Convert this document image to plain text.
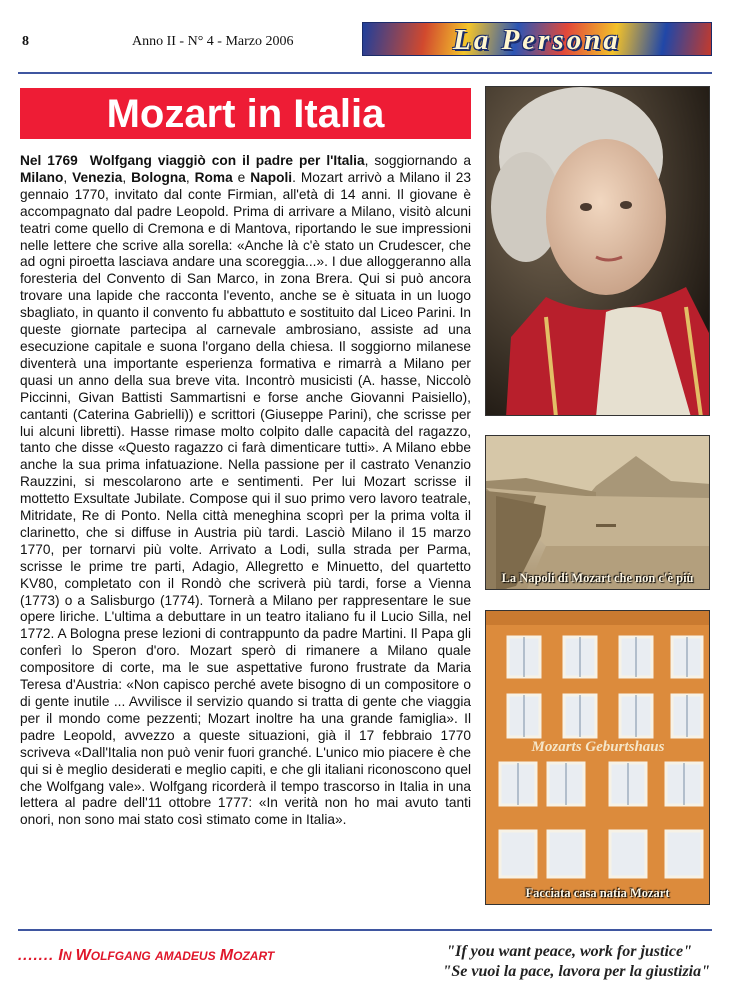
8	Anno II - N° 4 - Marzo 2006	La Persona
Mozart in Italia
Nel 1769 Wolfgang viaggiò con il padre per l'Italia, soggiornando a Milano, Venezia, Bologna, Roma e Napoli. Mozart arrivò a Milano il 23 gennaio 1770, invitato dal conte Firmian, all'età di 14 anni. Il giovane è accompagnato dal padre Leopold. Prima di arrivare a Milano, visitò alcuni teatri come quello di Cremona e di Mantova, riportando le sue impressioni nelle lettere che scrive alla sorella: «Anche là c'è stato un Crudescer, che ad ogni piroetta lasciava andare una scoreggia...». I due alloggeranno alla foresteria del Convento di San Marco, in zona Brera. Qui si può ancora trovare una lapide che racconta l'evento, anche se è situata in un luogo sbagliato, in quanto il convento fu abbattuto e sostituito dal Liceo Parini. In queste giornate partecipa al carnevale ambrosiano, assiste ad una esecuzione capitale e suona l'organo della chiesa. Il soggiorno milanese diventerà una importante esperienza formativa e rimarrà a Milano per quasi un anno della sua breve vita. Incontrò musicisti (A. hasse, Niccolò Piccinni, Givan Battisti Sammartisni e forse anche Giovanni Paisiello), cantanti (Caterina Gabrielli)) e scrittori (Giuseppe Parini), che scrisse per lui alcuni libretti). Hasse rimase molto colpito dalle capacità del ragazzo, tanto che disse «Questo ragazzo ci farà dimenticare tutti». A Milano ebbe anche la sua prima infatuazione. Nella passione per il castrato Venanzio Rauzzini, si mescolarono arte e sentimenti. Per lui Mozart scrisse il mottetto Exsultate Jubilate. Compose qui il suo primo vero lavoro teatrale, Mitridate, Re di Ponto. Nella città meneghina scoprì per la prima volta il clarinetto, che si diffuse in Austria più tardi. Lasciò Milano il 15 marzo 1770, per tornarvi più volte. Arrivato a Lodi, sulla strada per Parma, scrisse le prime tre parti, Adagio, Allegretto e Minuetto, del quartetto KV80, completato con il Rondò che scriverà più tardi, forse a Vienna (1773) o a Salisburgo (1774). Tornerà a Milano per rappresentare le sue opere liriche. L'ultima a debuttare in un teatro italiano fu il Lucio Silla, nel 1772. A Bologna prese lezioni di contrappunto da padre Martini. Il Papa gli conferì lo Speron d'oro. Mozart sperò di rimanere a Milano quale compositore di corte, ma le sue aspettative furono frustrate da Maria Teresa d'Austria: «Non capisco perché avete bisogno di un compositore o di gente inutile ... Avvilisce il servizio quando si tratta di gente che viaggia per il mondo come pezzenti; Mozart inoltre ha una grande famiglia». Il padre Leopold, avvezzo a queste situazioni, già il 17 febbraio 1770 scriveva «Dall'Italia non può venir fuori granché. L'unico mio piacere è che qui si è meglio desiderati e meglio capiti, e che gli italiani riconoscono quel che Wolfgang vale». Wolfgang ricorderà il tempo trascorso in Italia in una lettera al padre dell'11 ottobre 1777: «In verità non ho mai avuto tanti onori, non sono mai stato così stimato come in Italia».
La Napoli di Mozart che non c'è più
Mozarts Geburtshaus
Facciata casa natia Mozart
....... IN WOLFGANG AMADEUS MOZART	"If you want peace, work for justice"
"Se vuoi la pace, lavora per la giustizia"
